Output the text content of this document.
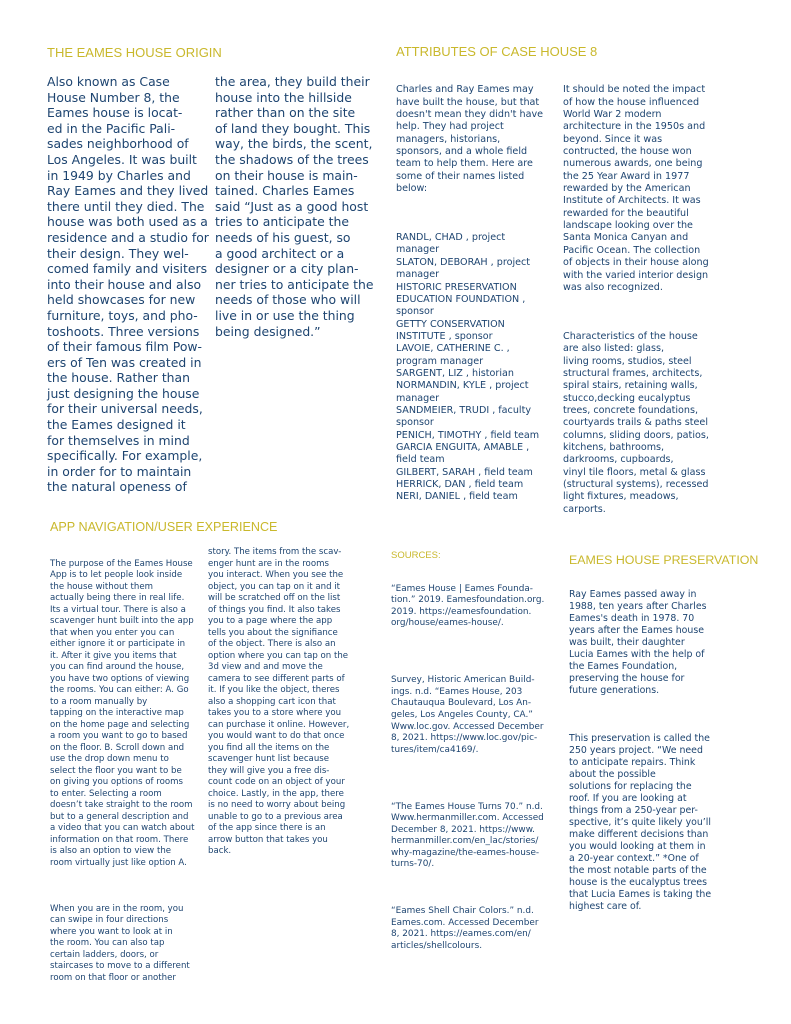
THE EAMES HOUSE ORIGIN

Also known as Case
House Number 8, the
Eames house is locat-
ed in the Pacific Pali-
sades neighborhood of
Los Angeles. It was built
in 1949 by Charles and
Ray Eames and they lived
there until they died. The
house was both used as a
residence and a studio for
their design. They wel-
comed family and visiters
into their house and also
held showcases for new
furniture, toys, and pho-
toshoots. Three versions
of their famous film Pow-
ers of Ten was created in
the house. Rather than
just designing the house
for their universal needs,
the Eames designed it
for themselves in mind
specifically. For example,
in order for to maintain
the natural openess of

the area, they build their
house into the hillside
rather than on the site
of land they bought. This
way, the birds, the scent,
the shadows of the trees
on their house is main-
tained. Charles Eames
said “Just as a good host
tries to anticipate the
needs of his guest, so
a good architect or a
designer or a city plan-
ner tries to anticipate the
needs of those who will
live in or use the thing
being designed.”

ATTRIBUTES OF CASE HOUSE 8

Charles and Ray Eames may
have built the house, but that
doesn't mean they didn't have
help. They had project
managers, historians,
sponsors, and a whole field
team to help them. Here are
some of their names listed
below:

RANDL, CHAD , project
manager
SLATON, DEBORAH , project
manager
HISTORIC PRESERVATION
EDUCATION FOUNDATION ,
sponsor
GETTY CONSERVATION
INSTITUTE , sponsor
LAVOIE, CATHERINE C. ,
program manager
SARGENT, LIZ , historian
NORMANDIN, KYLE , project
manager
SANDMEIER, TRUDI , faculty
sponsor
PENICH, TIMOTHY , field team
GARCIA ENGUITA, AMABLE ,
field team
GILBERT, SARAH , field team
HERRICK, DAN , field team
NERI, DANIEL , field team

It should be noted the impact
of how the house influenced
World War 2 modern
architecture in the 1950s and
beyond. Since it was
contructed, the house won
numerous awards, one being
the 25 Year Award in 1977
rewarded by the American
Institute of Architects. It was
rewarded for the beautiful
landscape looking over the
Santa Monica Canyan and
Pacific Ocean. The collection
of objects in their house along
with the varied interior design
was also recognized.

Characteristics of the house
are also listed: glass,
living rooms, studios, steel
structural frames, architects,
spiral stairs, retaining walls,
stucco,decking eucalyptus
trees, concrete foundations,
courtyards trails & paths steel
columns, sliding doors, patios,
kitchens, bathrooms,
darkrooms, cupboards,
vinyl tile floors, metal & glass
(structural systems), recessed
light fixtures, meadows,
carports.

APP NAVIGATION/USER EXPERIENCE

The purpose of the Eames House
App is to let people look inside
the house without them
actually being there in real life.
Its a virtual tour. There is also a
scavenger hunt built into the app
that when you enter you can
either ignore it or participate in
it. After it give you items that
you can find around the house,
you have two options of viewing
the rooms. You can either: A. Go
to a room manually by
tapping on the interactive map
on the home page and selecting
a room you want to go to based
on the floor. B. Scroll down and
use the drop down menu to
select the floor you want to be
on giving you options of rooms
to enter. Selecting a room
doesn’t take straight to the room
but to a general description and
a video that you can watch about
information on that room. There
is also an option to view the
room virtually just like option A.

When you are in the room, you
can swipe in four directions
where you want to look at in
the room. You can also tap
certain ladders, doors, or
staircases to move to a different
room on that floor or another

story. The items from the scav-
enger hunt are in the rooms
you interact. When you see the
object, you can tap on it and it
will be scratched off on the list
of things you find. It also takes
you to a page where the app
tells you about the signifiance
of the object. There is also an
option where you can tap on the
3d view and and move the
camera to see different parts of
it. If you like the object, theres
also a shopping cart icon that
takes you to a store where you
can purchase it online. However,
you would want to do that once
you find all the items on the
scavenger hunt list because
they will give you a free dis-
count code on an object of your
choice. Lastly, in the app, there
is no need to worry about being
unable to go to a previous area
of the app since there is an
arrow button that takes you
back.

SOURCES:

“Eames House | Eames Founda-
tion.” 2019. Eamesfoundation.org.
2019. https://eamesfoundation.
org/house/eames-house/.

Survey, Historic American Build-
ings. n.d. “Eames House, 203
Chautauqua Boulevard, Los An-
geles, Los Angeles County, CA.”
Www.loc.gov. Accessed December
8, 2021. https://www.loc.gov/pic-
tures/item/ca4169/.

“The Eames House Turns 70.” n.d.
Www.hermanmiller.com. Accessed
December 8, 2021. https://www.
hermanmiller.com/en_lac/stories/
why-magazine/the-eames-house-
turns-70/.

“Eames Shell Chair Colors.” n.d.
Eames.com. Accessed December
8, 2021. https://eames.com/en/
articles/shellcolours.

EAMES HOUSE PRESERVATION

Ray Eames passed away in
1988, ten years after Charles
Eames's death in 1978. 70
years after the Eames house
was built, their daughter
Lucia Eames with the help of
the Eames Foundation,
preserving the house for
future generations.

This preservation is called the
250 years project. “We need
to anticipate repairs. Think
about the possible
solutions for replacing the
roof. If you are looking at
things from a 250-year per-
spective, it’s quite likely you’ll
make different decisions than
you would looking at them in
a 20-year context.” *One of
the most notable parts of the
house is the eucalyptus trees
that Lucia Eames is taking the
highest care of.
